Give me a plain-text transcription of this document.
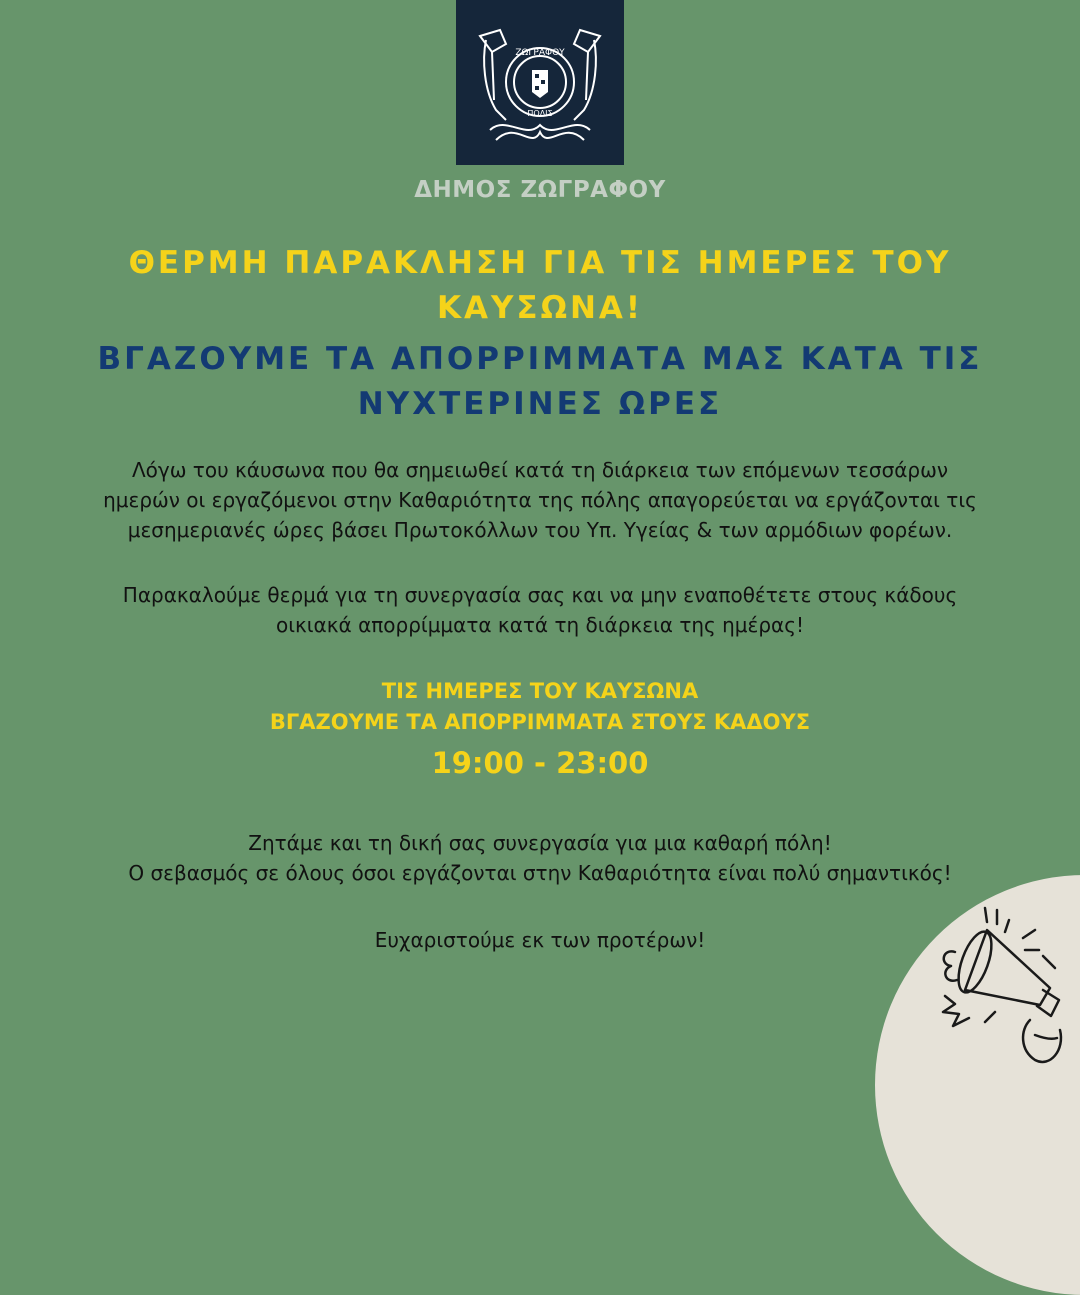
ΖΩΓΡΑΦΟΥ
ΠΟΛΙΣ
ΔΗΜΟΣ ΖΩΓΡΑΦΟΥ
ΘΕΡΜΗ ΠΑΡΑΚΛΗΣΗ ΓΙΑ ΤΙΣ ΗΜΕΡΕΣ ΤΟΥ
ΚΑΥΣΩΝΑ!
ΒΓΑΖΟΥΜΕ ΤΑ ΑΠΟΡΡΙΜΜΑΤΑ ΜΑΣ ΚΑΤΑ ΤΙΣ
ΝΥΧΤΕΡΙΝΕΣ ΩΡΕΣ
Λόγω του κάυσωνα που θα σημειωθεί κατά τη διάρκεια των επόμενων τεσσάρων
ημερών οι εργαζόμενοι στην Καθαριότητα της πόλης απαγορεύεται να εργάζονται τις
μεσημεριανές ώρες βάσει Πρωτοκόλλων του Υπ. Υγείας & των αρμόδιων φορέων.
Παρακαλούμε θερμά για τη συνεργασία σας και να μην εναποθέτετε στους κάδους
οικιακά απορρίμματα κατά τη διάρκεια της ημέρας!
ΤΙΣ ΗΜΕΡΕΣ ΤΟΥ ΚΑΥΣΩΝΑ
ΒΓΑΖΟΥΜΕ ΤΑ ΑΠΟΡΡΙΜΜΑΤΑ ΣΤΟΥΣ ΚΑΔΟΥΣ
19:00 - 23:00
Ζητάμε και τη δική σας συνεργασία για μια καθαρή πόλη!
Ο σεβασμός σε όλους όσοι εργάζονται στην Καθαριότητα είναι πολύ σημαντικός!
Ευχαριστούμε εκ των προτέρων!
